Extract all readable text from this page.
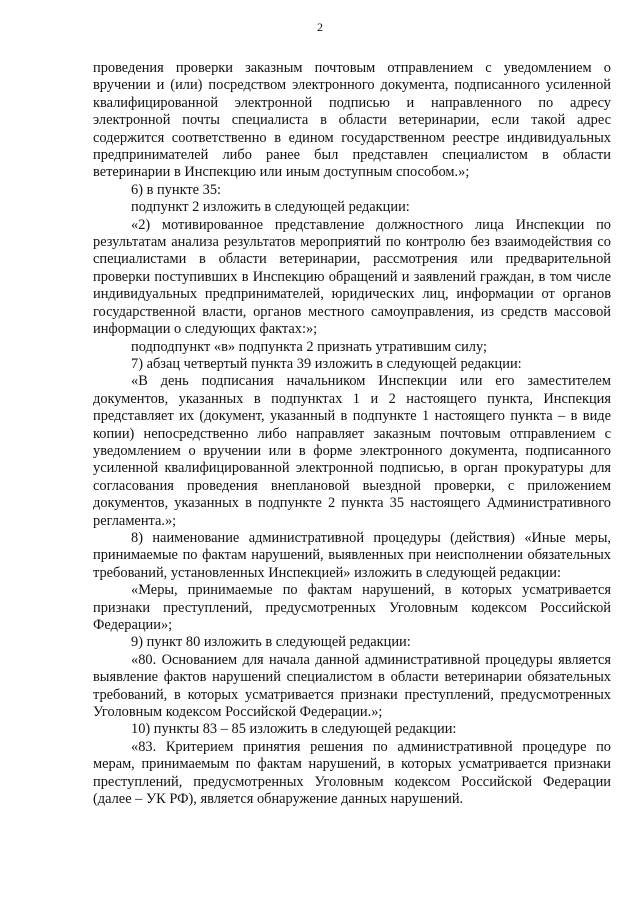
2

проведения проверки заказным почтовым отправлением с уведомлением о вручении и (или) посредством электронного документа, подписанного усиленной квалифицированной электронной подписью и направленного по адресу электронной почты специалиста в области ветеринарии, если такой адрес содержится соответственно в едином государственном реестре индивидуальных предпринимателей либо ранее был представлен специалистом в области ветеринарии в Инспекцию или иным доступным способом.»;

6) в пункте 35:

подпункт 2 изложить в следующей редакции:

«2) мотивированное представление должностного лица Инспекции по результатам анализа результатов мероприятий по контролю без взаимодействия со специалистами в области ветеринарии, рассмотрения или предварительной проверки поступивших в Инспекцию обращений и заявлений граждан, в том числе индивидуальных предпринимателей, юридических лиц, информации от органов государственной власти, органов местного самоуправления, из средств массовой информации о следующих фактах:»;

подподпункт «в» подпункта 2 признать утратившим силу;

7) абзац четвертый пункта 39 изложить в следующей редакции:

«В день подписания начальником Инспекции или его заместителем документов, указанных в подпунктах 1 и 2 настоящего пункта, Инспекция представляет их (документ, указанный в подпункте 1 настоящего пункта – в виде копии) непосредственно либо направляет заказным почтовым отправлением с уведомлением о вручении или в форме электронного документа, подписанного усиленной квалифицированной электронной подписью, в орган прокуратуры для согласования проведения внеплановой выездной проверки, с приложением документов, указанных в подпункте 2 пункта 35 настоящего Административного регламента.»;

8) наименование административной процедуры (действия) «Иные меры, принимаемые по фактам нарушений, выявленных при неисполнении обязательных требований, установленных Инспекцией» изложить в следующей редакции:

«Меры, принимаемые по фактам нарушений, в которых усматривается признаки преступлений, предусмотренных Уголовным кодексом Российской Федерации»;

9) пункт 80 изложить в следующей редакции:

«80. Основанием для начала данной административной процедуры является выявление фактов нарушений специалистом в области ветеринарии обязательных требований, в которых усматривается признаки преступлений, предусмотренных Уголовным кодексом Российской Федерации.»;

10) пункты 83 – 85 изложить в следующей редакции:

«83. Критерием принятия решения по административной процедуре по мерам, принимаемым по фактам нарушений, в которых усматривается признаки преступлений, предусмотренных Уголовным кодексом Российской Федерации (далее – УК РФ), является обнаружение данных нарушений.
